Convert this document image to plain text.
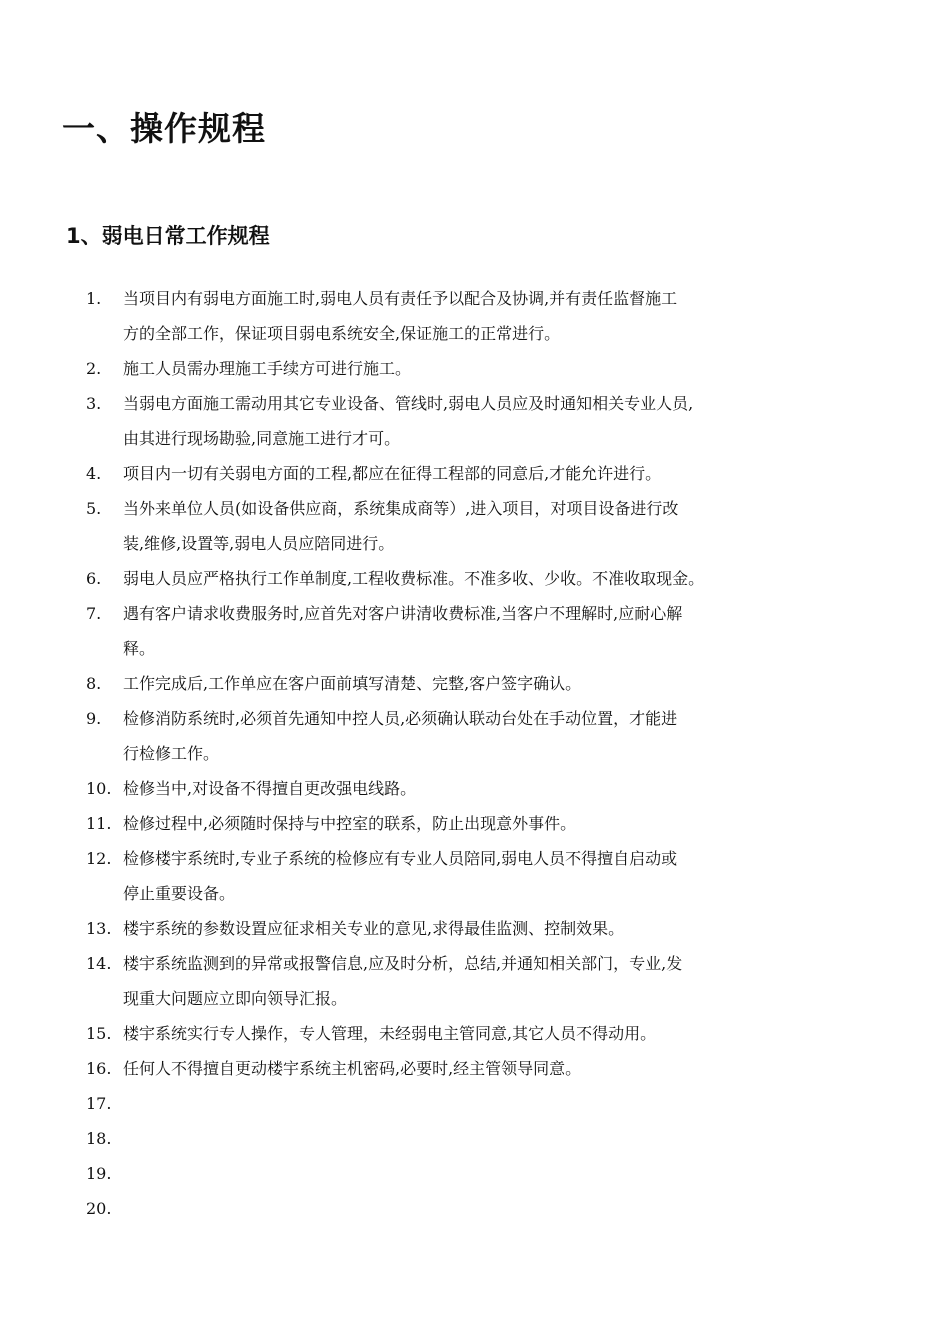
一、操作规程
1、弱电日常工作规程
1.	当项目内有弱电方面施工时,弱电人员有责任予以配合及协调,并有责任监督施工
方的全部工作，保证项目弱电系统安全,保证施工的正常进行。
2.	施工人员需办理施工手续方可进行施工。
3.	当弱电方面施工需动用其它专业设备、管线时,弱电人员应及时通知相关专业人员,
由其进行现场勘验,同意施工进行才可。
4.	项目内一切有关弱电方面的工程,都应在征得工程部的同意后,才能允许进行。
5.	当外来单位人员(如设备供应商，系统集成商等）,进入项目，对项目设备进行改
装,维修,设置等,弱电人员应陪同进行。
6.	弱电人员应严格执行工作单制度,工程收费标准。不准多收、少收。不准收取现金。
7.	遇有客户请求收费服务时,应首先对客户讲清收费标准,当客户不理解时,应耐心解
释。
8.	工作完成后,工作单应在客户面前填写清楚、完整,客户签字确认。
9.	检修消防系统时,必须首先通知中控人员,必须确认联动台处在手动位置，才能进
行检修工作。
10. 检修当中,对设备不得擅自更改强电线路。
11. 检修过程中,必须随时保持与中控室的联系，防止出现意外事件。
12. 检修楼宇系统时,专业子系统的检修应有专业人员陪同,弱电人员不得擅自启动或
停止重要设备。
13. 楼宇系统的参数设置应征求相关专业的意见,求得最佳监测、控制效果。
14. 楼宇系统监测到的异常或报警信息,应及时分析，总结,并通知相关部门，专业,发
现重大问题应立即向领导汇报。
15. 楼宇系统实行专人操作，专人管理，未经弱电主管同意,其它人员不得动用。
16. 任何人不得擅自更动楼宇系统主机密码,必要时,经主管领导同意。
17.

18.

19.

20.
